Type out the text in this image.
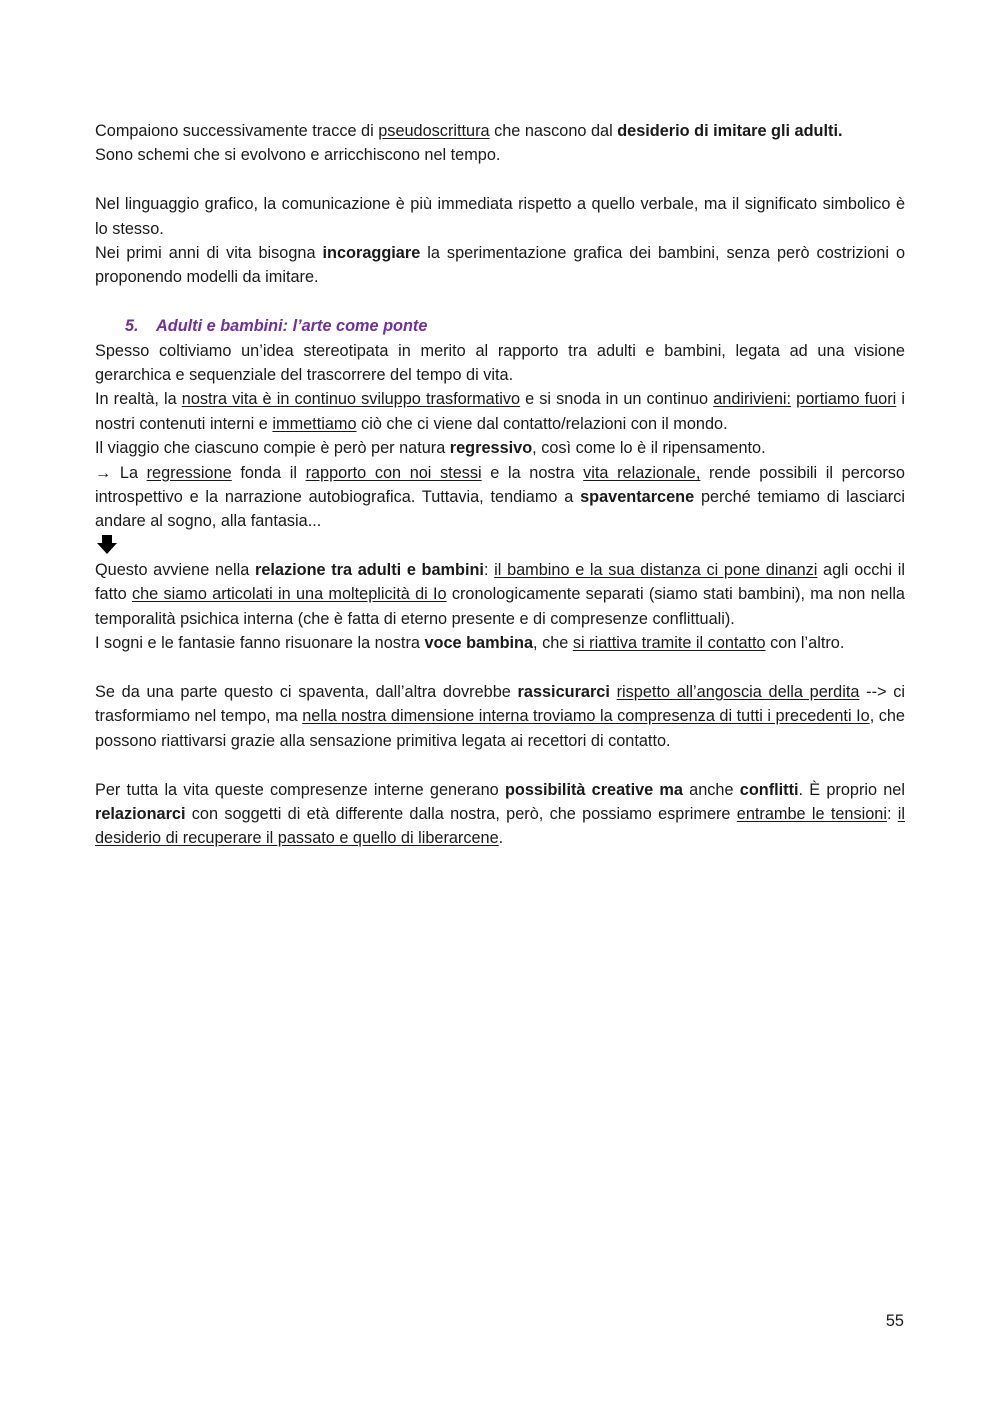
Compaiono successivamente tracce di pseudoscrittura che nascono dal desiderio di imitare gli adulti.
Sono schemi che si evolvono e arricchiscono nel tempo.

Nel linguaggio grafico, la comunicazione è più immediata rispetto a quello verbale, ma il significato simbolico è lo stesso.

Nei primi anni di vita bisogna incoraggiare la sperimentazione grafica dei bambini, senza però costrizioni o proponendo modelli da imitare.

5. Adulti e bambini: l’arte come ponte

Spesso coltiviamo un’idea stereotipata in merito al rapporto tra adulti e bambini, legata ad una visione gerarchica e sequenziale del trascorrere del tempo di vita.

In realtà, la nostra vita è in continuo sviluppo trasformativo e si snoda in un continuo andirivieni: portiamo fuori i nostri contenuti interni e immettiamo ciò che ci viene dal contatto/relazioni con il mondo.

Il viaggio che ciascuno compie è però per natura regressivo, così come lo è il ripensamento.

→ La regressione fonda il rapporto con noi stessi e la nostra vita relazionale, rende possibili il percorso introspettivo e la narrazione autobiografica. Tuttavia, tendiamo a spaventarcene perché temiamo di lasciarci andare al sogno, alla fantasia...

Questo avviene nella relazione tra adulti e bambini: il bambino e la sua distanza ci pone dinanzi agli occhi il fatto che siamo articolati in una molteplicità di Io cronologicamente separati (siamo stati bambini), ma non nella temporalità psichica interna (che è fatta di eterno presente e di compresenze conflittuali).

I sogni e le fantasie fanno risuonare la nostra voce bambina, che si riattiva tramite il contatto con l’altro.

Se da una parte questo ci spaventa, dall’altra dovrebbe rassicurarci rispetto all’angoscia della perdita --> ci trasformiamo nel tempo, ma nella nostra dimensione interna troviamo la compresenza di tutti i precedenti Io, che possono riattivarsi grazie alla sensazione primitiva legata ai recettori di contatto.

Per tutta la vita queste compresenze interne generano possibilità creative ma anche conflitti. È proprio nel relazionarci con soggetti di età differente dalla nostra, però, che possiamo esprimere entrambe le tensioni: il desiderio di recuperare il passato e quello di liberarcene.

55
